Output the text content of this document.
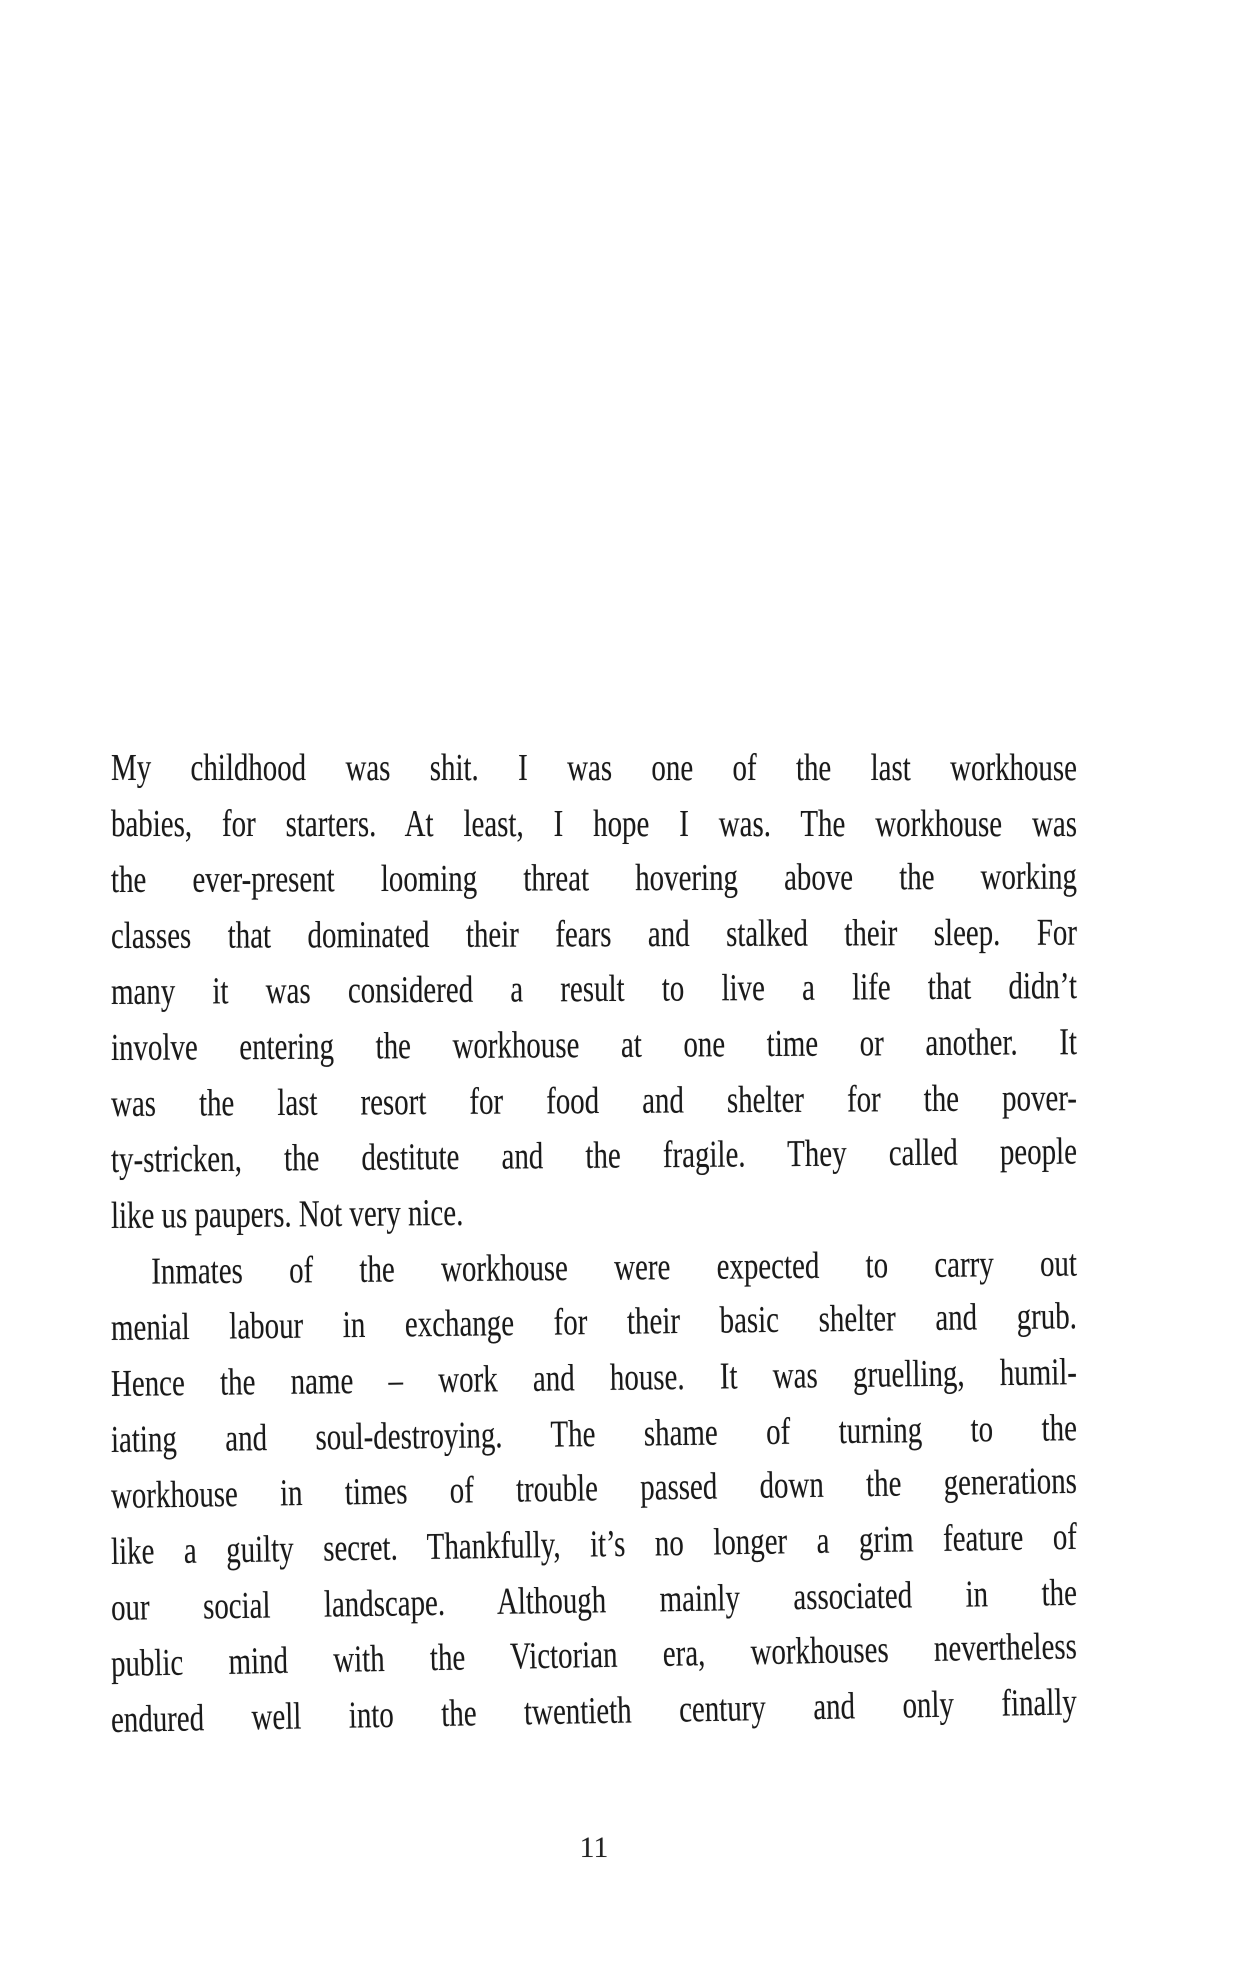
My childhood was shit. I was one of the last workhouse
babies, for starters. At least, I hope I was. The workhouse was
the ever-present looming threat hovering above the working
classes that dominated their fears and stalked their sleep. For
many it was considered a result to live a life that didn’t
involve entering the workhouse at one time or another. It
was the last resort for food and shelter for the pover-
ty-stricken, the destitute and the fragile. They called people
like us paupers. Not very nice.
Inmates of the workhouse were expected to carry out
menial labour in exchange for their basic shelter and grub.
Hence the name – work and house. It was gruelling, humil-
iating and soul-destroying. The shame of turning to the
workhouse in times of trouble passed down the generations
like a guilty secret. Thankfully, it’s no longer a grim feature of
our social landscape. Although mainly associated in the
public mind with the Victorian era, workhouses nevertheless
endured well into the twentieth century and only finally
11
